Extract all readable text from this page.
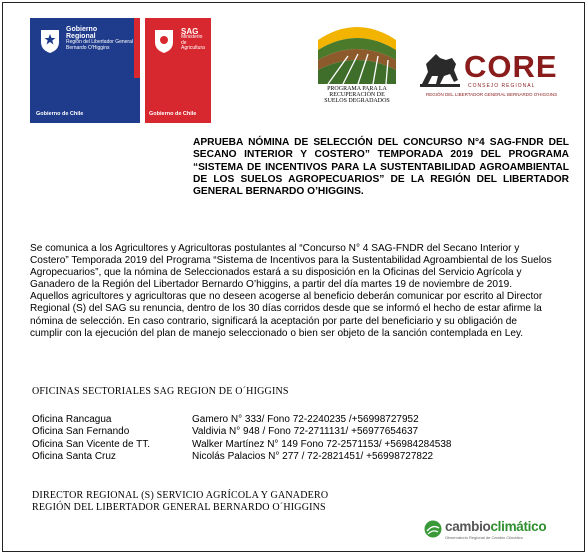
Gobierno
Regional
Región del Libertador General Bernardo O'Higgins
Gobierno de Chile
SAG
Ministerio de Agricultura
Gobierno de Chile
PROGRAMA PARA LA RECUPERACIÓN DE SUELOS DEGRADADOS
CORE
CONSEJO REGIONAL
REGIÓN DEL LIBERTADOR GENERAL BERNARDO O'HIGGINS
APRUEBA NÓMINA DE SELECCIÓN DEL CONCURSO N°4 SAG-FNDR DEL SECANO INTERIOR Y COSTERO” TEMPORADA 2019 DEL PROGRAMA “SISTEMA DE INCENTIVOS PARA LA SUSTENTABILIDAD AGROAMBIENTAL DE LOS SUELOS AGROPECUARIOS” DE LA REGIÓN DEL LIBERTADOR GENERAL BERNARDO O’HIGGINS.
Se comunica a los Agricultores y Agricultoras postulantes al “Concurso N° 4 SAG-FNDR del Secano Interior y Costero” Temporada 2019 del Programa “Sistema de Incentivos para la Sustentabilidad Agroambiental de los Suelos Agropecuarios”, que la nómina de Seleccionados estará a su disposición en la Oficinas del Servicio Agrícola y Ganadero de la Región del Libertador Bernardo O’higgins, a partir del día martes 19 de noviembre de 2019. Aquellos agricultores y agricultoras que no deseen acogerse al beneficio deberán comunicar por escrito al Director Regional (S) del SAG su renuncia, dentro de los 30 días corridos desde que se informó el hecho de estar afirme la nómina de selección. En caso contrario, significará la aceptación por parte del beneficiario y su obligación de cumplir con la ejecución del plan de manejo seleccionado o bien ser objeto de la sanción contemplada en Ley.
OFICINAS SECTORIALES SAG REGION DE O´HIGGINS
Oficina Rancagua	Gamero N° 333/ Fono 72-2240235 /+56998727952
Oficina San Fernando	Valdivia N° 948 / Fono 72-2711131/ +56977654637
Oficina San Vicente de TT.	Walker Martínez N° 149 Fono 72-2571153/ +56984284538
Oficina Santa Cruz	Nicolás Palacios N° 277 / 72-2821451/ +56998727822
DIRECTOR REGIONAL (S) SERVICIO AGRÍCOLA Y GANADERO
REGIÓN DEL LIBERTADOR GENERAL BERNARDO O´HIGGINS
cambioclimático
Observatorio Regional de Cambio Climático
